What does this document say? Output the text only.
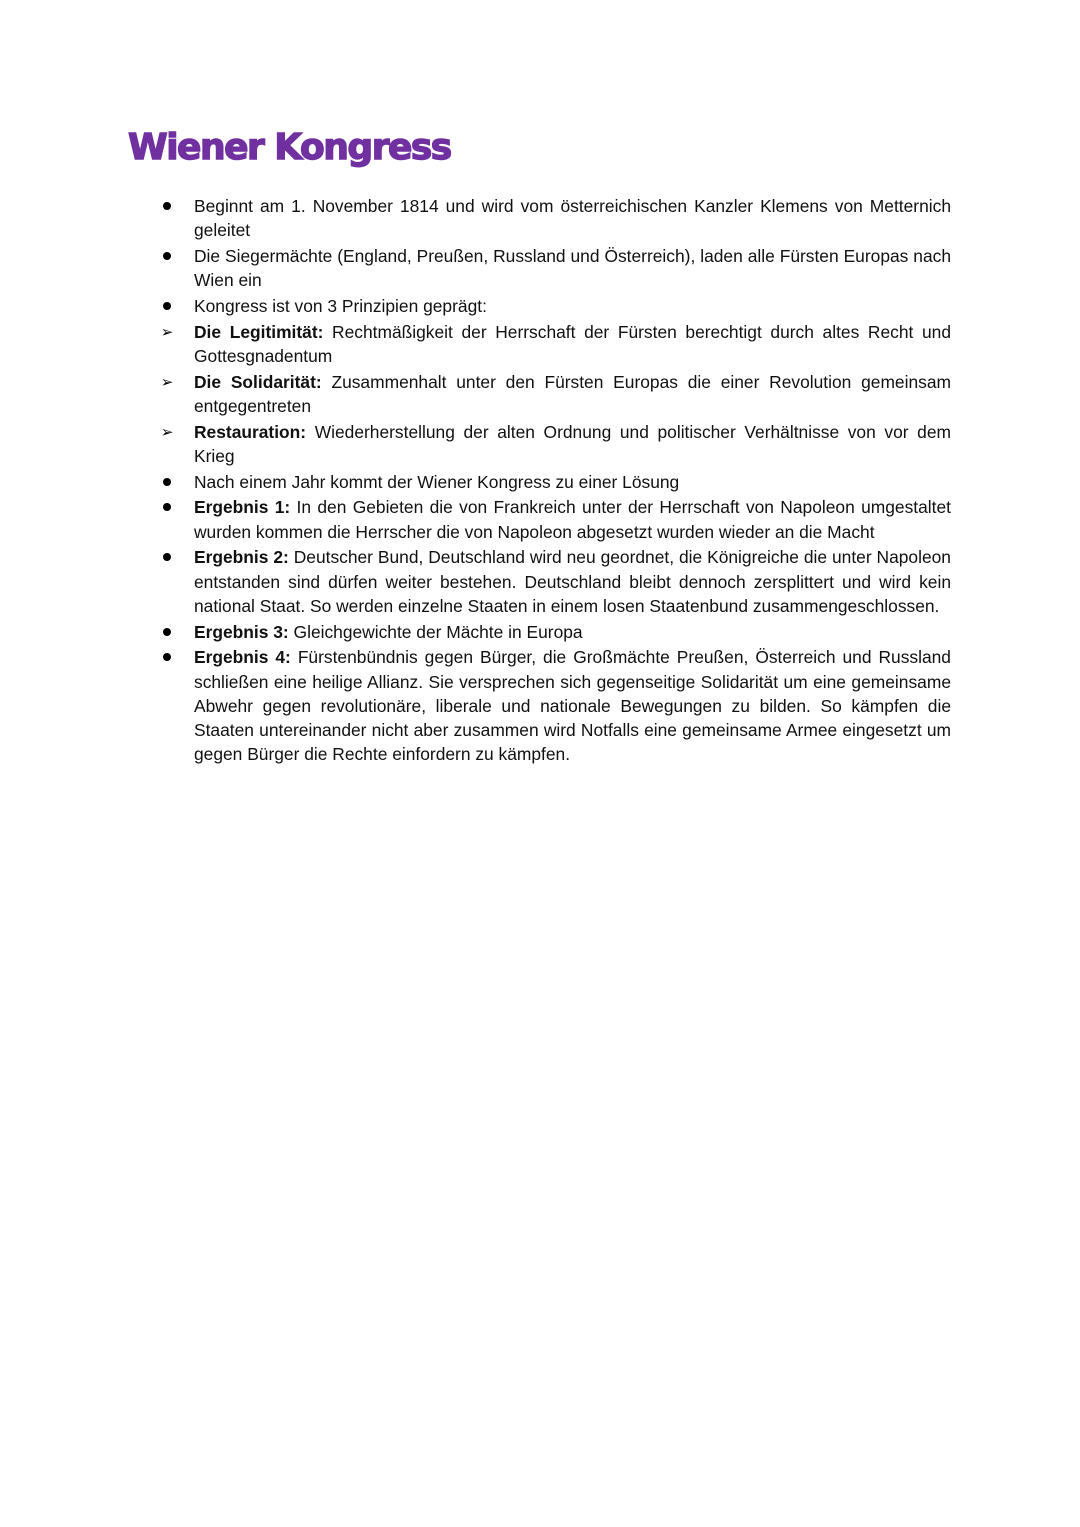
Wiener Kongress
Beginnt am 1. November 1814 und wird vom österreichischen Kanzler Klemens von Metternich geleitet
Die Siegermächte (England, Preußen, Russland und Österreich), laden alle Fürsten Europas nach Wien ein
Kongress ist von 3 Prinzipien geprägt:
➢ Die Legitimität: Rechtmäßigkeit der Herrschaft der Fürsten berechtigt durch altes Recht und Gottesgnadentum
➢ Die Solidarität: Zusammenhalt unter den Fürsten Europas die einer Revolution gemeinsam entgegentreten
➢ Restauration: Wiederherstellung der alten Ordnung und politischer Verhältnisse von vor dem Krieg
Nach einem Jahr kommt der Wiener Kongress zu einer Lösung
Ergebnis 1: In den Gebieten die von Frankreich unter der Herrschaft von Napoleon umgestaltet wurden kommen die Herrscher die von Napoleon abgesetzt wurden wieder an die Macht
Ergebnis 2: Deutscher Bund, Deutschland wird neu geordnet, die Königreiche die unter Napoleon entstanden sind dürfen weiter bestehen. Deutschland bleibt dennoch zersplittert und wird kein national Staat. So werden einzelne Staaten in einem losen Staatenbund zusammengeschlossen.
Ergebnis 3: Gleichgewichte der Mächte in Europa
Ergebnis 4: Fürstenbündnis gegen Bürger, die Großmächte Preußen, Österreich und Russland schließen eine heilige Allianz. Sie versprechen sich gegenseitige Solidarität um eine gemeinsame Abwehr gegen revolutionäre, liberale und nationale Bewegungen zu bilden. So kämpfen die Staaten untereinander nicht aber zusammen wird Notfalls eine gemeinsame Armee eingesetzt um gegen Bürger die Rechte einfordern zu kämpfen.
